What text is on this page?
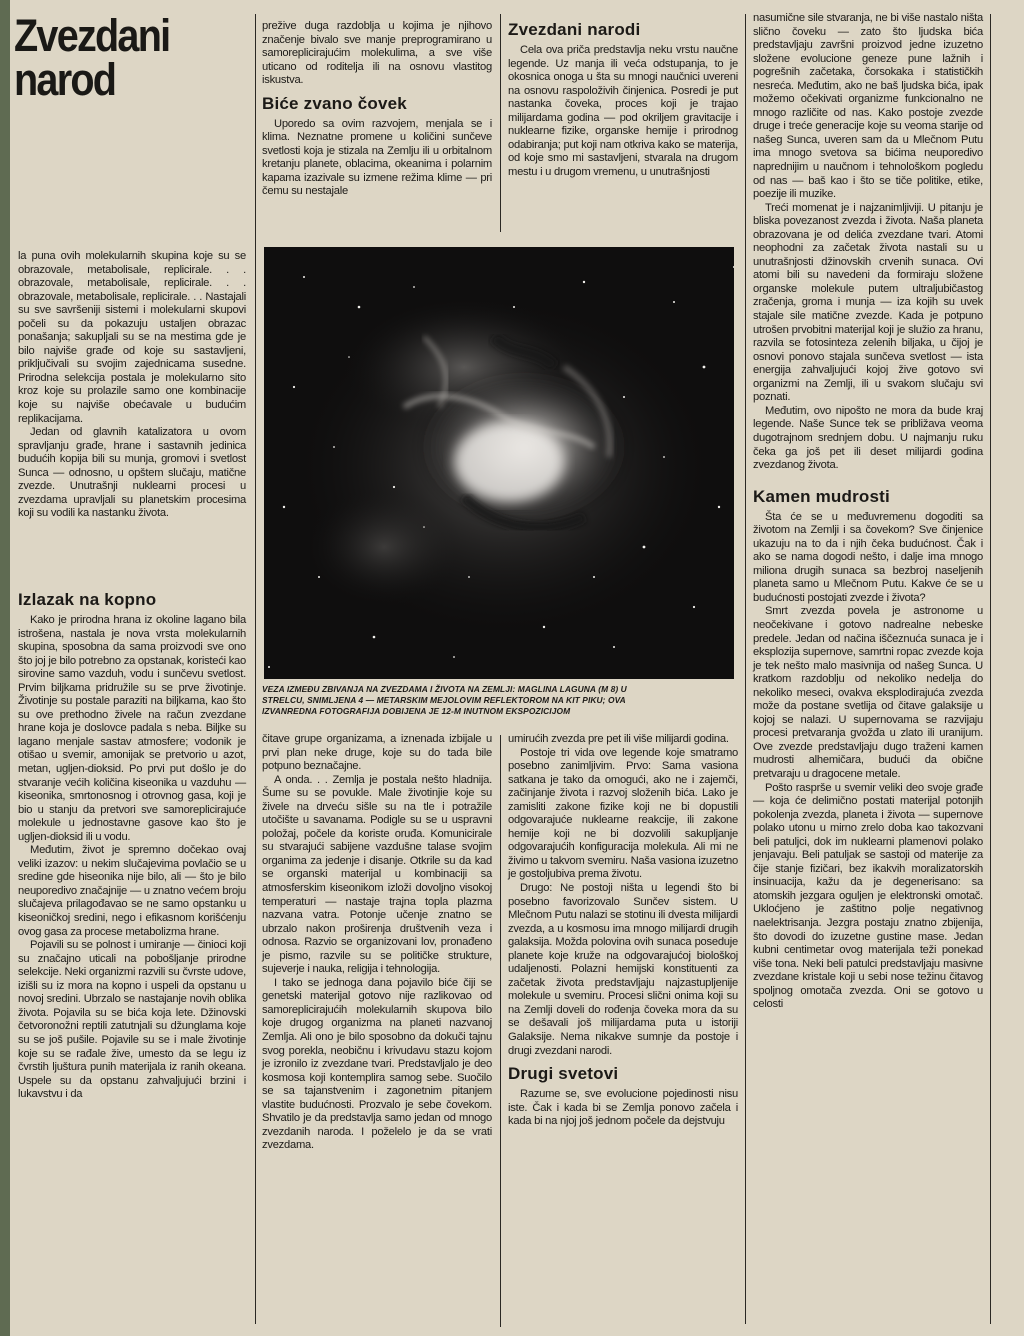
Zvezdani
narod

la puna ovih molekularnih skupina koje su se obrazovale, metabolisale, replicirale. . . obrazovale, metabolisale, replicirale. . . obrazovale, metabolisale, replicirale. . . Nastajali su sve savršeniji sistemi i molekularni skupovi počeli su da pokazuju ustaljen obrazac ponašanja; sakupljali su se na mestima gde je bilo najviše građe od koje su sastavljeni, priključivali su svojim zajednicama susedne. Prirodna selekcija postala je molekularno sito kroz koje su prolazile samo one kombinacije koje su najviše obećavale u budućim replikacijama.

Jedan od glavnih katalizatora u ovom spravljanju građe, hrane i sastavnih jedinica budućih kopija bili su munja, gromovi i svetlost Sunca — odnosno, u opštem slučaju, matične zvezde. Unutrašnji nuklearni procesi u zvezdama upravljali su planetskim procesima koji su vodili ka nastanku života.

Izlazak na kopno

Kako je prirodna hrana iz okoline lagano bila istrošena, nastala je nova vrsta molekularnih skupina, sposobna da sama proizvodi sve ono što joj je bilo potrebno za opstanak, koristeći kao sirovine samo vazduh, vodu i sunčevu svetlost. Prvim biljkama pridružile su se prve životinje. Životinje su postale paraziti na biljkama, kao što su ove prethodno živele na račun zvezdane hrane koja je doslovce padala s neba. Biljke su lagano menjale sastav atmosfere; vodonik je otišao u svemir, amonijak se pretvorio u azot, metan, ugljen-dioksid. Po prvi put došlo je do stvaranje većih količina kiseonika u vazduhu — kiseonika, smrtonosnog i otrovnog gasa, koji je bio u stanju da pretvori sve samoreplicirajuće molekule u jednostavne gasove kao što je ugljen-dioksid ili u vodu.

Međutim, život je spremno dočekao ovaj veliki izazov: u nekim slučajevima povlačio se u sredine gde hiseonika nije bilo, ali — što je bilo neuporedivo značajnije — u znatno većem broju slučajeva prilagođavao se ne samo opstanku u kiseoničkoj sredini, nego i efikasnom korišćenju ovog gasa za procese metabolizma hrane.

Pojavili su se polnost i umiranje — činioci koji su značajno uticali na pobošljanje prirodne selekcije. Neki organizmi razvili su čvrste udove, izišli su iz mora na kopno i uspeli da opstanu u novoj sredini. Ubrzalo se nastajanje novih oblika života. Pojavila su se bića koja lete. Džinovski četvoronožni reptili zatutnjali su džunglama koje su se još pušile. Pojavile su se i male životinje koje su se rađale žive, umesto da se legu iz čvrstih ljuštura punih materijala iz ranih okeana. Uspele su da opstanu zahvaljujući brzini i lukavstvu i da

prežive duga razdoblja u kojima je njihovo značenje bivalo sve manje preprogramirano u samoreplicirajućim molekulima, a sve više uticano od roditelja ili na osnovu vlastitog iskustva.

Biće zvano čovek

Uporedo sa ovim razvojem, menjala se i klima. Neznatne promene u količini sunčeve svetlosti koja je stizala na Zemlju ili u orbitalnom kretanju planete, oblacima, okeanima i polarnim kapama izazivale su izmene režima klime — pri čemu su nestajale

Zvezdani narodi

Cela ova priča predstavlja neku vrstu naučne legende. Uz manja ili veća odstupanja, to je okosnica onoga u šta su mnogi naučnici uvereni na osnovu raspoloživih činjenica. Posredi je put nastanka čoveka, proces koji je trajao milijardama godina — pod okriljem gravitacije i nuklearne fizike, organske hemije i prirodnog odabiranja; put koji nam otkriva kako se materija, od koje smo mi sastavljeni, stvarala na drugom mestu i u drugom vremenu, u unutrašnjosti

nasumične sile stvaranja, ne bi više nastalo ništa slično čoveku — zato što ljudska bića predstavljaju završni proizvod jedne izuzetno složene evolucione geneze pune lažnih i pogrešnih začetaka, čorsokaka i statističkih nesreća. Međutim, ako ne baš ljudska bića, ipak možemo očekivati organizme funkcionalno ne mnogo različite od nas. Kako postoje zvezde druge i treće generacije koje su veoma starije od našeg Sunca, uveren sam da u Mlečnom Putu ima mnogo svetova sa bićima neuporedivo naprednijim u naučnom i tehnološkom pogledu od nas — baš kao i što se tiče politike, etike, poezije ili muzike.

Treći momenat je i najzanimljiviji. U pitanju je bliska povezanost zvezda i života. Naša planeta obrazovana je od delića zvezdane tvari. Atomi neophodni za začetak života nastali su u unutrašnjosti džinovskih crvenih sunaca. Ovi atomi bili su navedeni da formiraju složene organske molekule putem ultraljubičastog zračenja, groma i munja — iza kojih su uvek stajale sile matične zvezde. Kada je potpuno utrošen prvobitni materijal koji je služio za hranu, razvila se fotosinteza zelenih biljaka, u čijoj je osnovi ponovo stajala sunčeva svetlost — ista energija zahvaljujući kojoj žive gotovo svi organizmi na Zemlji, ili u svakom slučaju svi poznati.

Međutim, ovo nipošto ne mora da bude kraj legende. Naše Sunce tek se približava veoma dugotrajnom srednjem dobu. U najmanju ruku čeka ga još pet ili deset milijardi godina zvezdanog života.

Kamen mudrosti

Šta će se u međuvremenu dogoditi sa životom na Zemlji i sa čovekom? Sve činjenice ukazuju na to da i njih čeka budućnost. Čak i ako se nama dogodi nešto, i dalje ima mnogo miliona drugih sunaca sa bezbroj naseljenih planeta samo u Mlečnom Putu. Kakve će se u budućnosti postojati zvezde i života?

Smrt zvezda povela je astronome u neočekivane i gotovo nadrealne nebeske predele. Jedan od načina iščeznuća sunaca je i eksplozija supernove, samrtni ropac zvezde koja je tek nešto malo masivnija od našeg Sunca. U kratkom razdoblju od nekoliko nedelja do nekoliko meseci, ovakva eksplodirajuća zvezda može da postane svetlija od čitave galaksije u kojoj se nalazi. U supernovama se razvijaju procesi pretvaranja gvožđa u zlato ili uranijum. Ove zvezde predstavljaju dugo traženi kamen mudrosti alhemičara, budući da obične pretvaraju u dragocene metale.

Pošto rasprše u svemir veliki deo svoje građe — koja će delimično postati materijal potonjih pokolenja zvezda, planeta i života — supernove polako utonu u mirno zrelo doba kao takozvani beli patuljci, dok im nuklearni plamenovi polako jenjavaju. Beli patuljak se sastoji od materije za čije stanje fizičari, bez ikakvih moralizatorskih insinuacija, kažu da je degenerisano: sa atomskih jezgara oguljen je elektronski omotač. Ukloćjeno je zaštitno polje negativnog naelektrisanja. Jezgra postaju znatno zbijenija, što dovodi do izuzetne gustine mase. Jedan kubni centimetar ovog materijala teži ponekad više tona. Neki beli patulci predstavljaju masivne zvezdane kristale koji u sebi nose težinu čitavog spoljnog omotača zvezda. Oni se gotovo u celosti

VEZA IZMEĐU ZBIVANJA NA ZVEZDAMA I ŽIVOTA NA ZEMLJI: MAGLINA LAGUNA (M 8) U
STRELCU, SNIMLJENA 4 — METARSKIM MEJOLOVIM REFLEKTOROM NA KIT PIKU; OVA
IZVANREDNA FOTOGRAFIJA DOBIJENA JE 12-M INUTNOM EKSPOZICIJOM

čitave grupe organizama, a iznenada izbijale u prvi plan neke druge, koje su do tada bile potpuno beznačajne.

A onda. . . Zemlja je postala nešto hladnija. Šume su se povukle. Male životinjie koje su živele na drveću sišle su na tle i potražile utočište u savanama. Podigle su se u uspravni položaj, počele da koriste oruđa. Komunicirale su stvarajući sabijene vazdušne talase svojim organima za jedenje i disanje. Otkrile su da kad se organski materijal u kombinaciji sa atmosferskim kiseonikom izloži dovoljno visokoj temperaturi — nastaje trajna topla plazma nazvana vatra. Potonje učenje znatno se ubrzalo nakon proširenja društvenih veza i odnosa. Razvio se organizovani lov, pronađeno je pismo, razvile su se političke strukture, sujeverje i nauka, religija i tehnologija.

I tako se jednoga dana pojavilo biće čiji se genetski materijal gotovo nije razlikovao od samoreplicirajućih molekularnih skupova bilo koje drugog organizma na planeti nazvanoj Zemlja. Ali ono je bilo sposobno da dokuči tajnu svog porekla, neobičnu i krivudavu stazu kojom je izronilo iz zvezdane tvari. Predstavljalo je deo kosmosa koji kontemplira samog sebe. Suočilo se sa tajanstvenim i zagonetnim pitanjem vlastite budućnosti. Prozvalo je sebe čovekom. Shvatilo je da predstavlja samo jedan od mnogo zvezdanih naroda. I poželelo je da se vrati zvezdama.

umirućih zvezda pre pet ili više milijardi godina.

Postoje tri vida ove legende koje smatramo posebno zanimljivim. Prvo: Sama vasiona satkana je tako da omogući, ako ne i zajemči, začinjanje života i razvoj složenih bića. Lako je zamisliti zakone fizike koji ne bi dopustili odgovarajuće nuklearne reakcije, ili zakone hemije koji ne bi dozvolili sakupljanje odgovarajućih konfiguracija molekula. Ali mi ne živimo u takvom svemiru. Naša vasiona izuzetno je gostoljubiva prema životu.

Drugo: Ne postoji ništa u legendi što bi posebno favorizovalo Sunčev sistem. U Mlečnom Putu nalazi se stotinu ili dvesta milijardi zvezda, a u kosmosu ima mnogo milijardi drugih galaksija. Možda polovina ovih sunaca poseduje planete koje kruže na odgovarajućoj biološkoj udaljenosti. Polazni hemijski konstituenti za začetak života predstavljaju najzastupljenije molekule u svemiru. Procesi slični onima koji su na Zemlji doveli do rođenja čoveka mora da su se dešavali još milijardama puta u istoriji Galaksije. Nema nikakve sumnje da postoje i drugi zvezdani narodi.

Drugi svetovi

Razume se, sve evolucione pojedinosti nisu iste. Čak i kada bi se Zemlja ponovo začela i kada bi na njoj još jednom počele da dejstvuju
